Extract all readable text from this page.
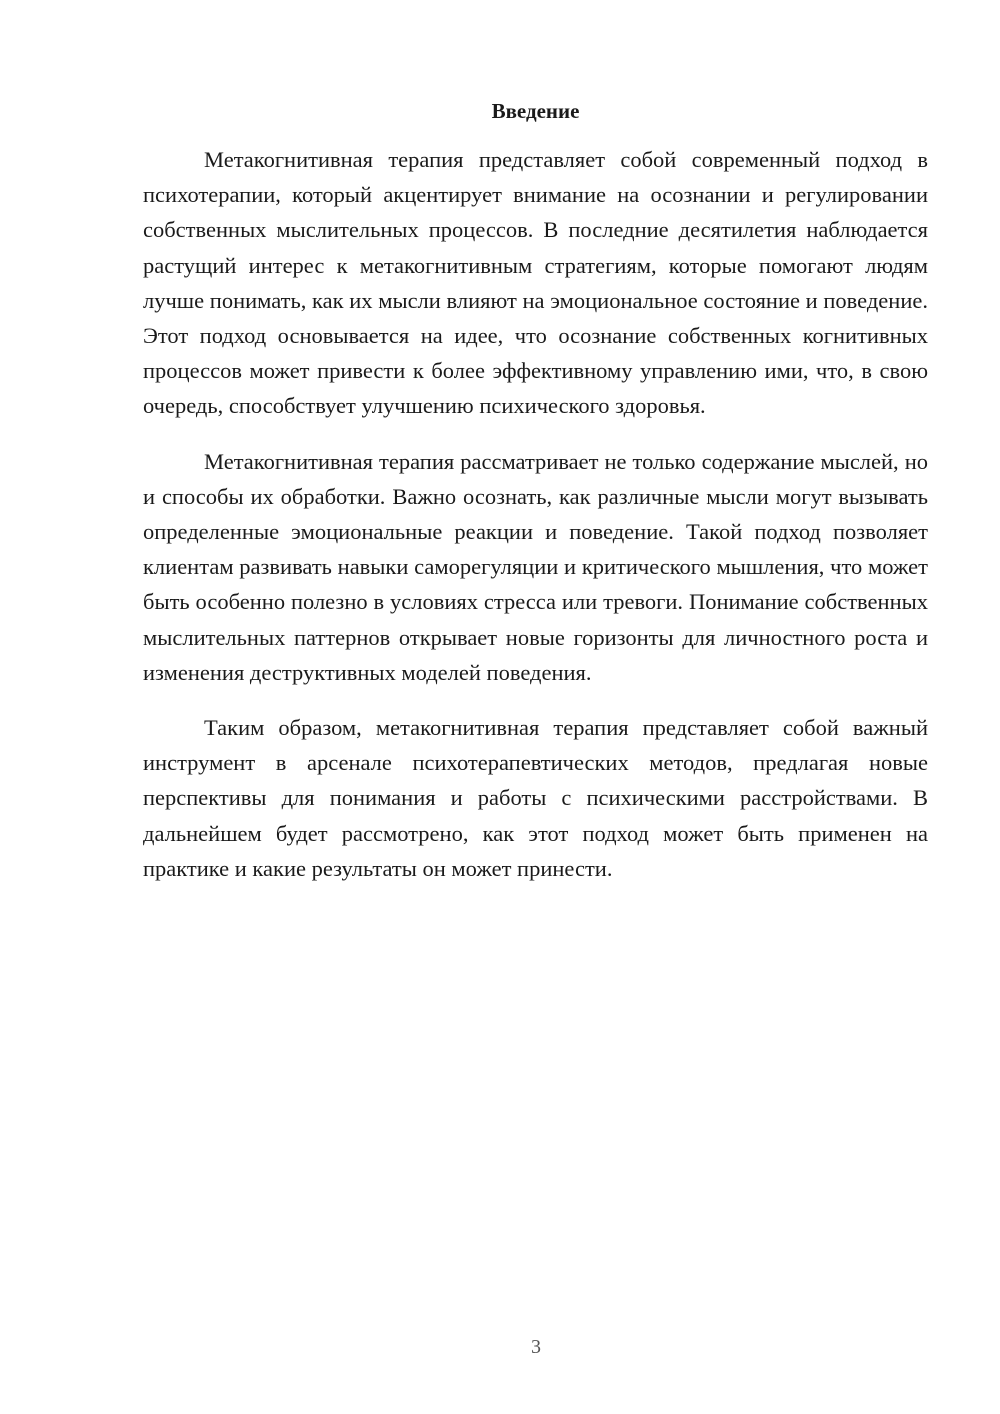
Введение

Метакогнитивная терапия представляет собой современный подход в психотерапии, который акцентирует внимание на осознании и регулировании собственных мыслительных процессов. В последние десятилетия наблюдается растущий интерес к метакогнитивным стратегиям, которые помогают людям лучше понимать, как их мысли влияют на эмоциональное состояние и поведение. Этот подход основывается на идее, что осознание собственных когнитивных процессов может привести к более эффективному управлению ими, что, в свою очередь, способствует улучшению психического здоровья.

Метакогнитивная терапия рассматривает не только содержание мыслей, но и способы их обработки. Важно осознать, как различные мысли могут вызывать определенные эмоциональные реакции и поведение. Такой подход позволяет клиентам развивать навыки саморегуляции и критического мышления, что может быть особенно полезно в условиях стресса или тревоги. Понимание собственных мыслительных паттернов открывает новые горизонты для личностного роста и изменения деструктивных моделей поведения.

Таким образом, метакогнитивная терапия представляет собой важный инструмент в арсенале психотерапевтических методов, предлагая новые перспективы для понимания и работы с психическими расстройствами. В дальнейшем будет рассмотрено, как этот подход может быть применен на практике и какие результаты он может принести.

3
